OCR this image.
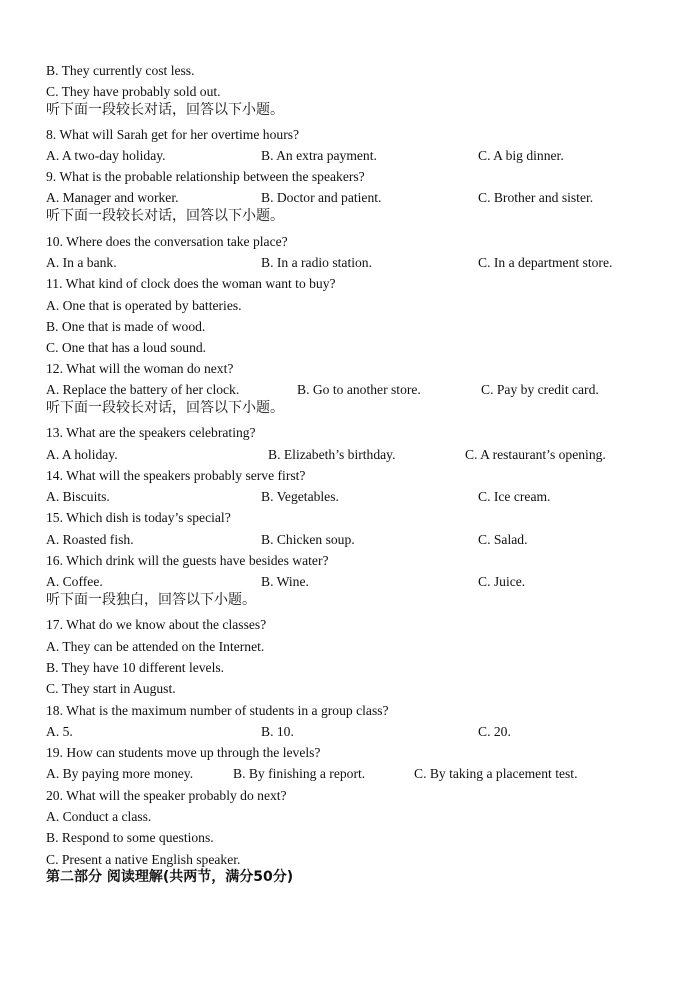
B. They currently cost less.
C. They have probably sold out.
听下面一段较长对话，回答以下小题。
8. What will Sarah get for her overtime hours?
A. A two-day holiday.	B. An extra payment.	C. A big dinner.
9. What is the probable relationship between the speakers?
A. Manager and worker.	B. Doctor and patient.	C. Brother and sister.
听下面一段较长对话，回答以下小题。
10. Where does the conversation take place?
A. In a bank.	B. In a radio station.	C. In a department store.
11. What kind of clock does the woman want to buy?
A. One that is operated by batteries.
B. One that is made of wood.
C. One that has a loud sound.
12. What will the woman do next?
A. Replace the battery of her clock.	B. Go to another store.	C. Pay by credit card.
听下面一段较长对话，回答以下小题。
13. What are the speakers celebrating?
A. A holiday.	B. Elizabeth’s birthday.	C. A restaurant’s opening.
14. What will the speakers probably serve first?
A. Biscuits.	B. Vegetables.	C. Ice cream.
15. Which dish is today’s special?
A. Roasted fish.	B. Chicken soup.	C. Salad.
16. Which drink will the guests have besides water?
A. Coffee.	B. Wine.	C. Juice.
听下面一段独白，回答以下小题。
17. What do we know about the classes?
A. They can be attended on the Internet.
B. They have 10 different levels.
C. They start in August.
18. What is the maximum number of students in a group class?
A. 5.	B. 10.	C. 20.
19. How can students move up through the levels?
A. By paying more money.	B. By finishing a report.	C. By taking a placement test.
20. What will the speaker probably do next?
A. Conduct a class.
B. Respond to some questions.
C. Present a native English speaker.
第二部分 阅读理解(共两节，满分50分)
